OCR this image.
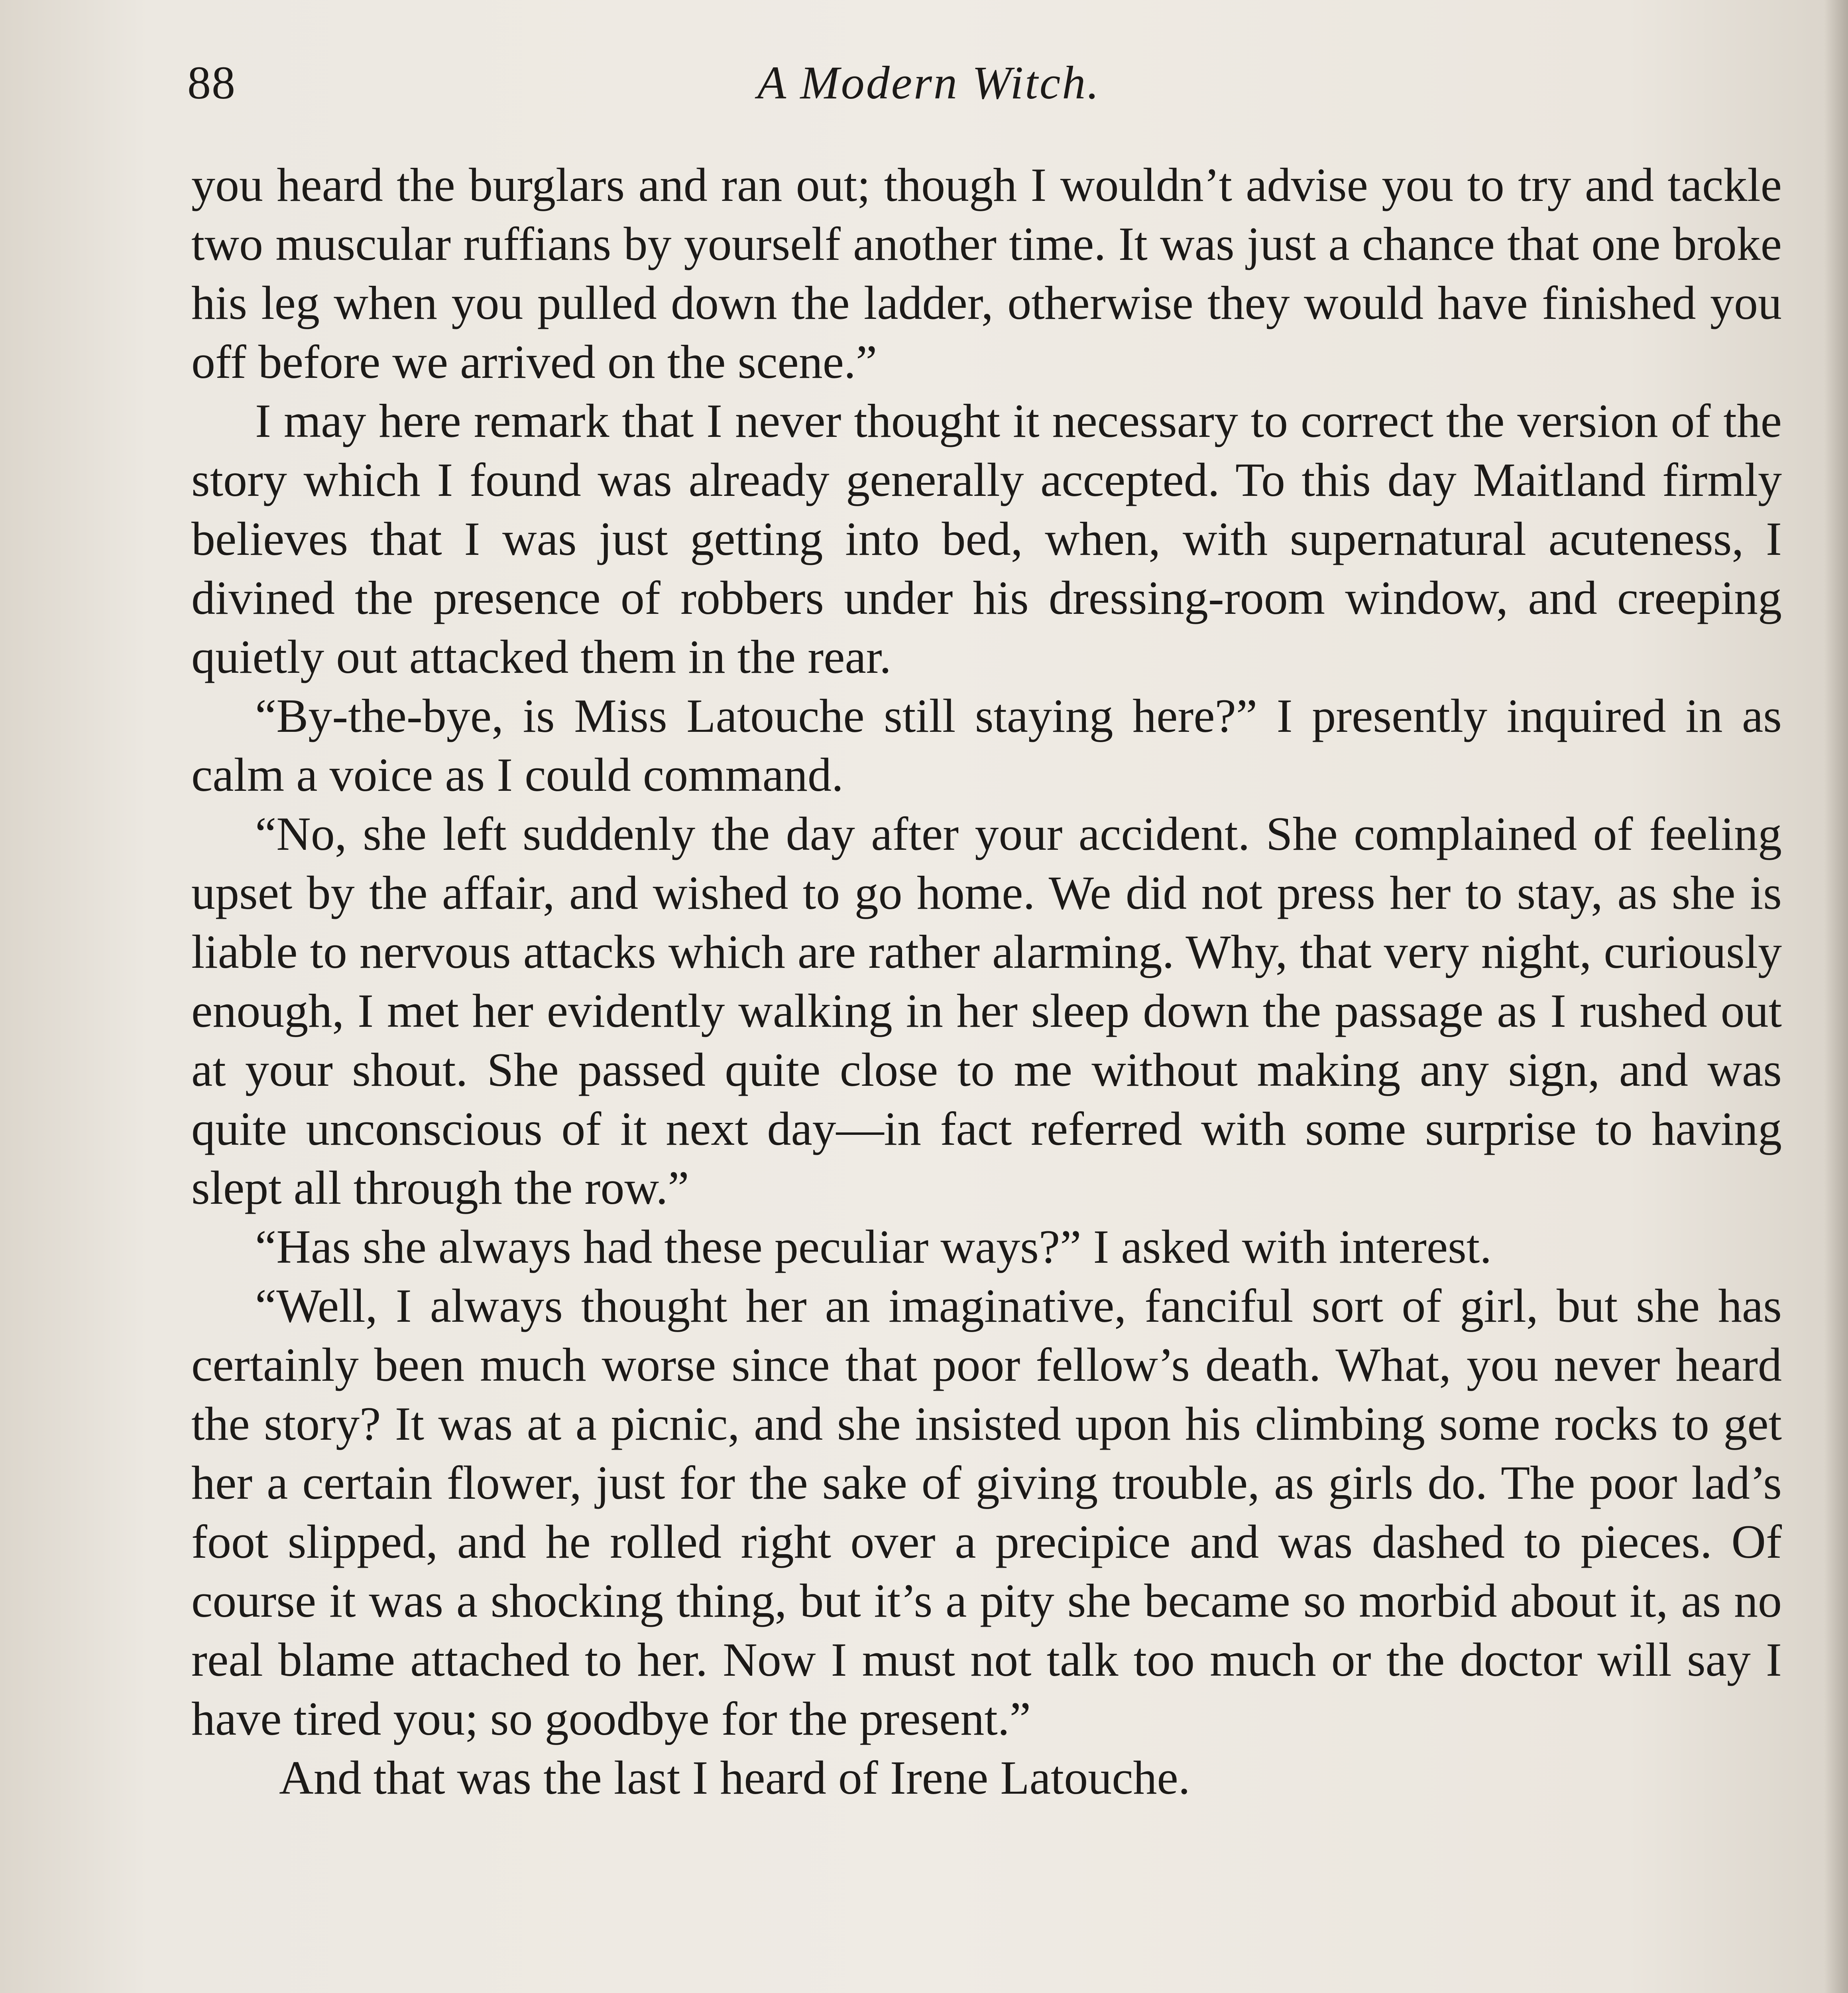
88	A Modern Witch.

you heard the burglars and ran out; though I wouldn’t advise you to try and tackle two muscular ruffians by yourself another time. It was just a chance that one broke his leg when you pulled down the ladder, otherwise they would have finished you off before we arrived on the scene.”

I may here remark that I never thought it necessary to correct the version of the story which I found was already generally accepted. To this day Maitland firmly believes that I was just getting into bed, when, with supernatural acuteness, I divined the presence of robbers under his dressing-room window, and creeping quietly out attacked them in the rear.

“By-the-bye, is Miss Latouche still staying here?” I presently inquired in as calm a voice as I could command.

“No, she left suddenly the day after your accident. She complained of feeling upset by the affair, and wished to go home. We did not press her to stay, as she is liable to nervous attacks which are rather alarming. Why, that very night, curiously enough, I met her evidently walking in her sleep down the passage as I rushed out at your shout. She passed quite close to me without making any sign, and was quite unconscious of it next day—in fact referred with some surprise to having slept all through the row.”

“Has she always had these peculiar ways?” I asked with interest.

“Well, I always thought her an imaginative, fanciful sort of girl, but she has certainly been much worse since that poor fellow’s death. What, you never heard the story? It was at a picnic, and she insisted upon his climbing some rocks to get her a certain flower, just for the sake of giving trouble, as girls do. The poor lad’s foot slipped, and he rolled right over a precipice and was dashed to pieces. Of course it was a shocking thing, but it’s a pity she became so morbid about it, as no real blame attached to her. Now I must not talk too much or the doctor will say I have tired you; so goodbye for the present.”

And that was the last I heard of Irene Latouche.
